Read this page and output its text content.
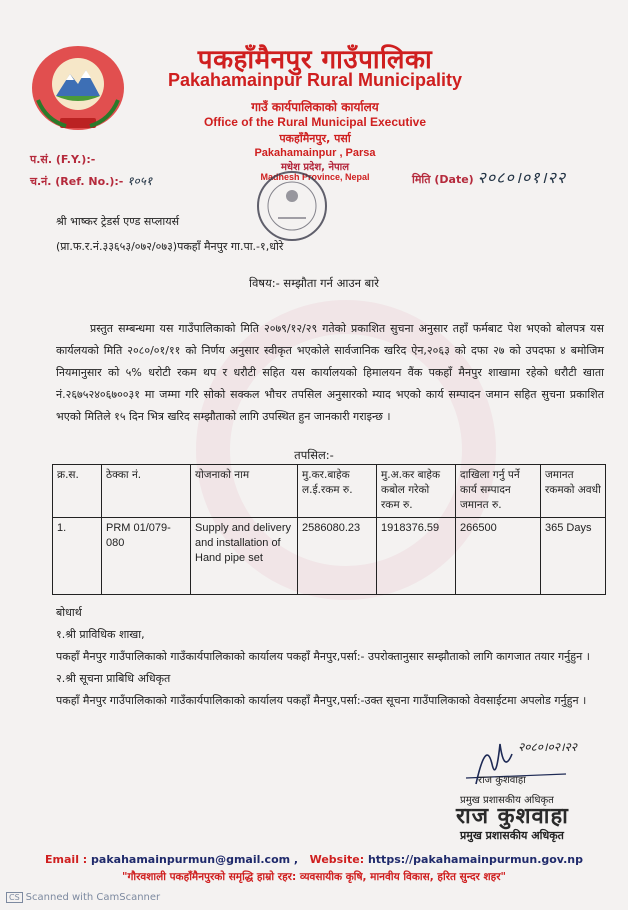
पकहाँमैनपुर गाउँपालिका
Pakahamainpur Rural Municipality
गाउँ कार्यपालिकाको कार्यालय
Office of the Rural Municipal Executive
पकहाँमैनपुर, पर्सा
Pakahamainpur , Parsa
मधेश प्रदेश, नेपाल
Madhesh Province, Nepal
प.सं. (F.Y.):-
च.नं. (Ref. No.):- १०५१	मिति (Date) २०८०।०१।२२
श्री भाष्कर ट्रेडर्स एण्ड सप्लायर्स
(प्रा.फ.र.नं.३३६५३/०७२/०७३)पकहाँ मैनपुर गा.पा.-१,धोरे
विषय:- सम्झौता गर्न आउन बारे
प्रस्तुत सम्बन्धमा यस गाउँपालिकाको मिति २०७९/१२/२९ गतेको प्रकाशित सुचना अनुसार तहाँ फर्मबाट पेश भएको बोलपत्र यस कार्यलयको मिति २०८०/०१/११ को निर्णय अनुसार स्वीकृत भएकोले सार्वजानिक खरिद ऐन,२०६३ को दफा २७ को उपदफा ४ बमोजिम नियमानुसार को ५% धरोटी रकम थप र धरौटी सहित यस कार्यालयको हिमालयन वैंक पकहाँ मैनपुर शाखामा रहेको धरौटी खाता नं.२६७५२४०६७००३१ मा जम्मा गरि सोको सक्कल भौचर तपसिल अनुसारको म्याद भएको कार्य सम्पादन जमान सहित सुचना प्रकाशित भएको मितिले १५ दिन भित्र खरिद सम्झौताको लागि उपस्थित हुन जानकारी गराइन्छ ।
तपसिल:-
क्र.स.	ठेक्का नं.	योजनाको नाम	मु.कर.बाहेक ल.ई.रकम रु.	मु.अ.कर बाहेक कबोल गरेको रकम रु.	दाखिला गर्नु पर्ने कार्य सम्पादन जमानत रु.	जमानत रकमको अवधी
1.	PRM 01/079-080	Supply and delivery and installation of Hand pipe set	2586080.23	1918376.59	266500	365 Days
बोधार्थ
१.श्री प्राविधिक शाखा,
पकहाँ मैनपुर गाउँपालिकाको गाउँकार्यपालिकाको कार्यालय पकहाँ मैनपुर,पर्सा:- उपरोक्तानुसार सम्झौताको लागि कागजात तयार गर्नुहुन ।
२.श्री सूचना प्राबिधि अधिकृत
पकहाँ मैनपुर गाउँपालिकाको गाउँकार्यपालिकाको कार्यालय पकहाँ मैनपुर,पर्सा:-उक्त सूचना गाउँपालिकाको वेवसाईटमा अपलोड गर्नुहुन ।
२०८०।०२।२२
राज कुशवाहा
प्रमुख प्रशासकीय अधिकृत
राज कुशवाहा
प्रमुख प्रशासकीय अधिकृत
Email : pakahamainpurmun@gmail.com , Website: https://pakahamainpurmun.gov.np
"गौरवशाली पकहाँमैनपुरको समृद्धि हाम्रो रहर: व्यवसायीक कृषि, मानवीय विकास, हरित सुन्दर शहर"
CS Scanned with CamScanner
